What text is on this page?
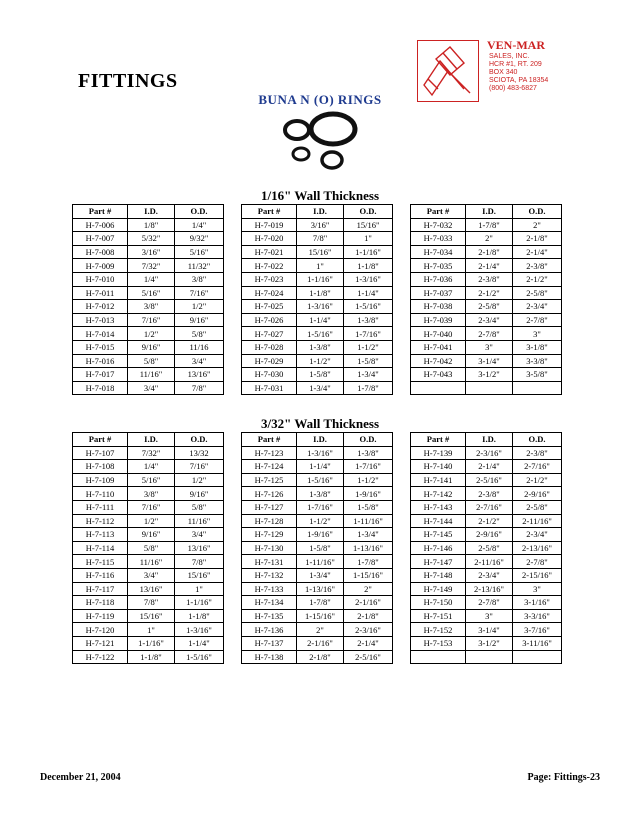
FITTINGS
VEN-MAR
SALES, INC.
HCR #1, RT. 209
BOX 340
SCIOTA, PA 18354
(800) 483-6827
BUNA N (O) RINGS
1/16" Wall Thickness
Part #	I.D.	O.D.
H-7-006	1/8"	1/4"
H-7-007	5/32"	9/32"
H-7-008	3/16"	5/16"
H-7-009	7/32"	11/32"
H-7-010	1/4"	3/8"
H-7-011	5/16"	7/16"
H-7-012	3/8"	1/2"
H-7-013	7/16"	9/16"
H-7-014	1/2"	5/8"
H-7-015	9/16"	11/16
H-7-016	5/8"	3/4"
H-7-017	11/16"	13/16"
H-7-018	3/4"	7/8"
Part #	I.D.	O.D.
H-7-019	3/16"	15/16"
H-7-020	7/8"	1"
H-7-021	15/16"	1-1/16"
H-7-022	1"	1-1/8"
H-7-023	1-1/16"	1-3/16"
H-7-024	1-1/8"	1-1/4"
H-7-025	1-3/16"	1-5/16"
H-7-026	1-1/4"	1-3/8"
H-7-027	1-5/16"	1-7/16"
H-7-028	1-3/8"	1-1/2"
H-7-029	1-1/2"	1-5/8"
H-7-030	1-5/8"	1-3/4"
H-7-031	1-3/4"	1-7/8"
Part #	I.D.	O.D.
H-7-032	1-7/8"	2"
H-7-033	2"	2-1/8"
H-7-034	2-1/8"	2-1/4"
H-7-035	2-1/4"	2-3/8"
H-7-036	2-3/8"	2-1/2"
H-7-037	2-1/2"	2-5/8"
H-7-038	2-5/8"	2-3/4"
H-7-039	2-3/4"	2-7/8"
H-7-040	2-7/8"	3"
H-7-041	3"	3-1/8"
H-7-042	3-1/4"	3-3/8"
H-7-043	3-1/2"	3-5/8"

3/32" Wall Thickness
Part #	I.D.	O.D.
H-7-107	7/32"	13/32
H-7-108	1/4"	7/16"
H-7-109	5/16"	1/2"
H-7-110	3/8"	9/16"
H-7-111	7/16"	5/8"
H-7-112	1/2"	11/16"
H-7-113	9/16"	3/4"
H-7-114	5/8"	13/16"
H-7-115	11/16"	7/8"
H-7-116	3/4"	15/16"
H-7-117	13/16"	1"
H-7-118	7/8"	1-1/16"
H-7-119	15/16"	1-1/8"
H-7-120	1"	1-3/16"
H-7-121	1-1/16"	1-1/4"
H-7-122	1-1/8"	1-5/16"
Part #	I.D.	O.D.
H-7-123	1-3/16"	1-3/8"
H-7-124	1-1/4"	1-7/16"
H-7-125	1-5/16"	1-1/2"
H-7-126	1-3/8"	1-9/16"
H-7-127	1-7/16"	1-5/8"
H-7-128	1-1/2"	1-11/16"
H-7-129	1-9/16"	1-3/4"
H-7-130	1-5/8"	1-13/16"
H-7-131	1-11/16"	1-7/8"
H-7-132	1-3/4"	1-15/16"
H-7-133	1-13/16"	2"
H-7-134	1-7/8"	2-1/16"
H-7-135	1-15/16"	2-1/8"
H-7-136	2"	2-3/16"
H-7-137	2-1/16"	2-1/4"
H-7-138	2-1/8"	2-5/16"
Part #	I.D.	O.D.
H-7-139	2-3/16"	2-3/8"
H-7-140	2-1/4"	2-7/16"
H-7-141	2-5/16"	2-1/2"
H-7-142	2-3/8"	2-9/16"
H-7-143	2-7/16"	2-5/8"
H-7-144	2-1/2"	2-11/16"
H-7-145	2-9/16"	2-3/4"
H-7-146	2-5/8"	2-13/16"
H-7-147	2-11/16"	2-7/8"
H-7-148	2-3/4"	2-15/16"
H-7-149	2-13/16"	3"
H-7-150	2-7/8"	3-1/16"
H-7-151	3"	3-3/16"
H-7-152	3-1/4"	3-7/16"
H-7-153	3-1/2"	3-11/16"

December 21, 2004	Page: Fittings-23
